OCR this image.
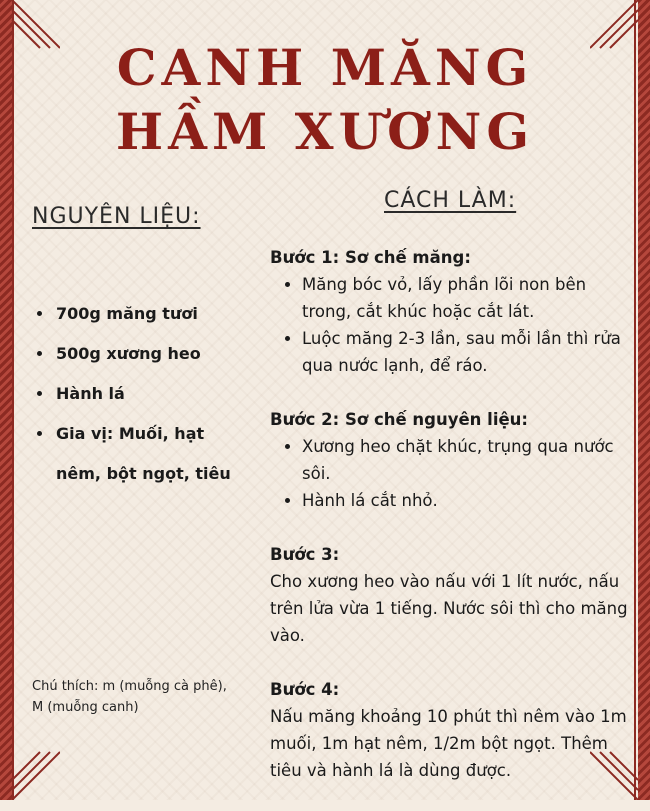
CANH MĂNG
HẦM XƯƠNG
NGUYÊN LIỆU:
• 700g măng tươi
• 500g xương heo
• Hành lá
• Gia vị: Muối, hạt nêm, bột ngọt, tiêu
Chú thích: m (muỗng cà phê), M (muỗng canh)
CÁCH LÀM:
Bước 1: Sơ chế măng:
• Măng bóc vỏ, lấy phần lõi non bên trong, cắt khúc hoặc cắt lát.
• Luộc măng 2-3 lần, sau mỗi lần thì rửa qua nước lạnh, để ráo.
Bước 2: Sơ chế nguyên liệu:
• Xương heo chặt khúc, trụng qua nước sôi.
• Hành lá cắt nhỏ.
Bước 3:

Cho xương heo vào nấu với 1 lít nước, nấu trên lửa vừa 1 tiếng. Nước sôi thì cho măng vào.

Bước 4:

Nấu măng khoảng 10 phút thì nêm vào 1m muối, 1m hạt nêm, 1/2m bột ngọt. Thêm tiêu và hành lá là dùng được.
